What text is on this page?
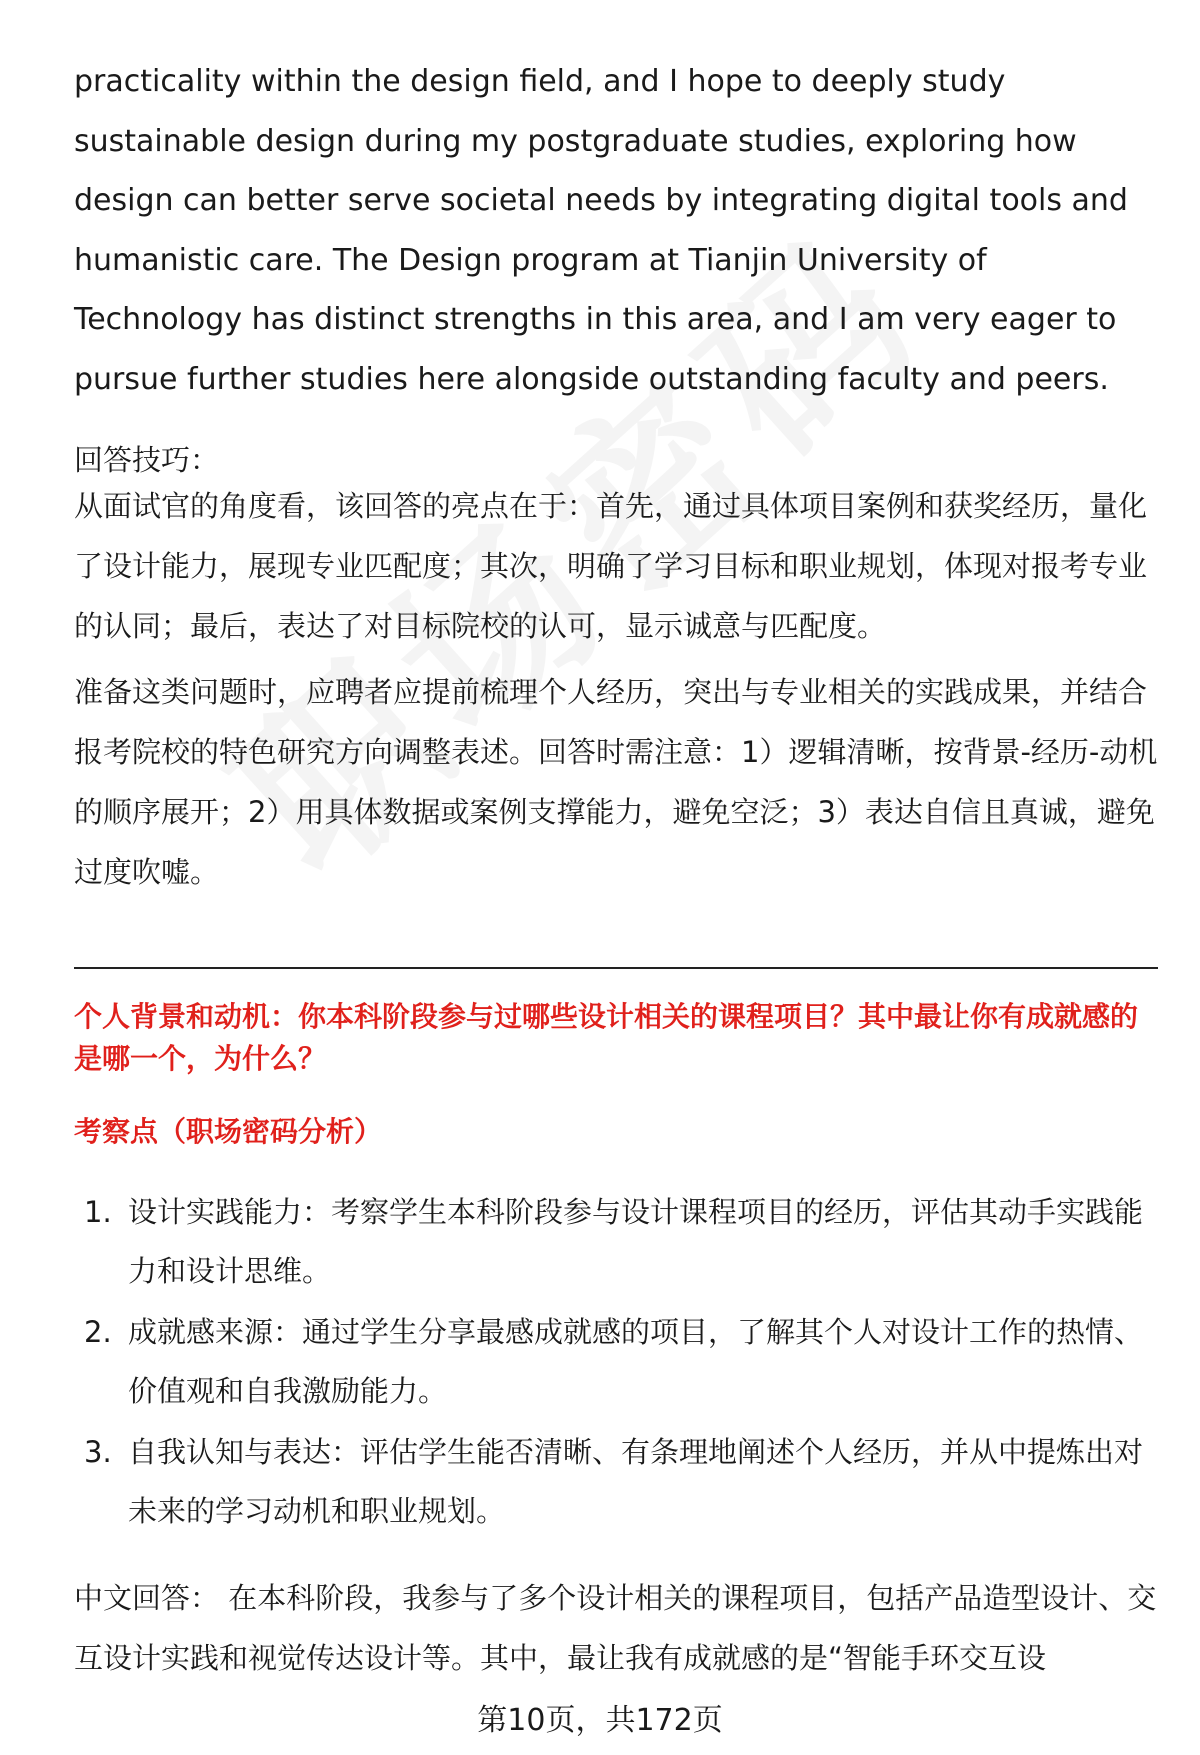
practicality within the design field, and I hope to deeply study sustainable design during my postgraduate studies, exploring how design can better serve societal needs by integrating digital tools and humanistic care. The Design program at Tianjin University of Technology has distinct strengths in this area, and I am very eager to pursue further studies here alongside outstanding faculty and peers.

回答技巧：

从面试官的角度看，该回答的亮点在于：首先，通过具体项目案例和获奖经历，量化了设计能力，展现专业匹配度；其次，明确了学习目标和职业规划，体现对报考专业的认同；最后，表达了对目标院校的认可，显示诚意与匹配度。

准备这类问题时，应聘者应提前梳理个人经历，突出与专业相关的实践成果，并结合报考院校的特色研究方向调整表述。回答时需注意：1）逻辑清晰，按背景-经历-动机的顺序展开；2）用具体数据或案例支撑能力，避免空泛；3）表达自信且真诚，避免过度吹嘘。

个人背景和动机：你本科阶段参与过哪些设计相关的课程项目？其中最让你有成就感的是哪一个，为什么？

考察点（职场密码分析）
1. 设计实践能力：考察学生本科阶段参与设计课程项目的经历，评估其动手实践能力和设计思维。

2. 成就感来源：通过学生分享最感成就感的项目，了解其个人对设计工作的热情、价值观和自我激励能力。

3. 自我认知与表达：评估学生能否清晰、有条理地阐述个人经历，并从中提炼出对未来的学习动机和职业规划。

中文回答： 在本科阶段，我参与了多个设计相关的课程项目，包括产品造型设计、交互设计实践和视觉传达设计等。其中，最让我有成就感的是“智能手环交互设

第10页，共172页
